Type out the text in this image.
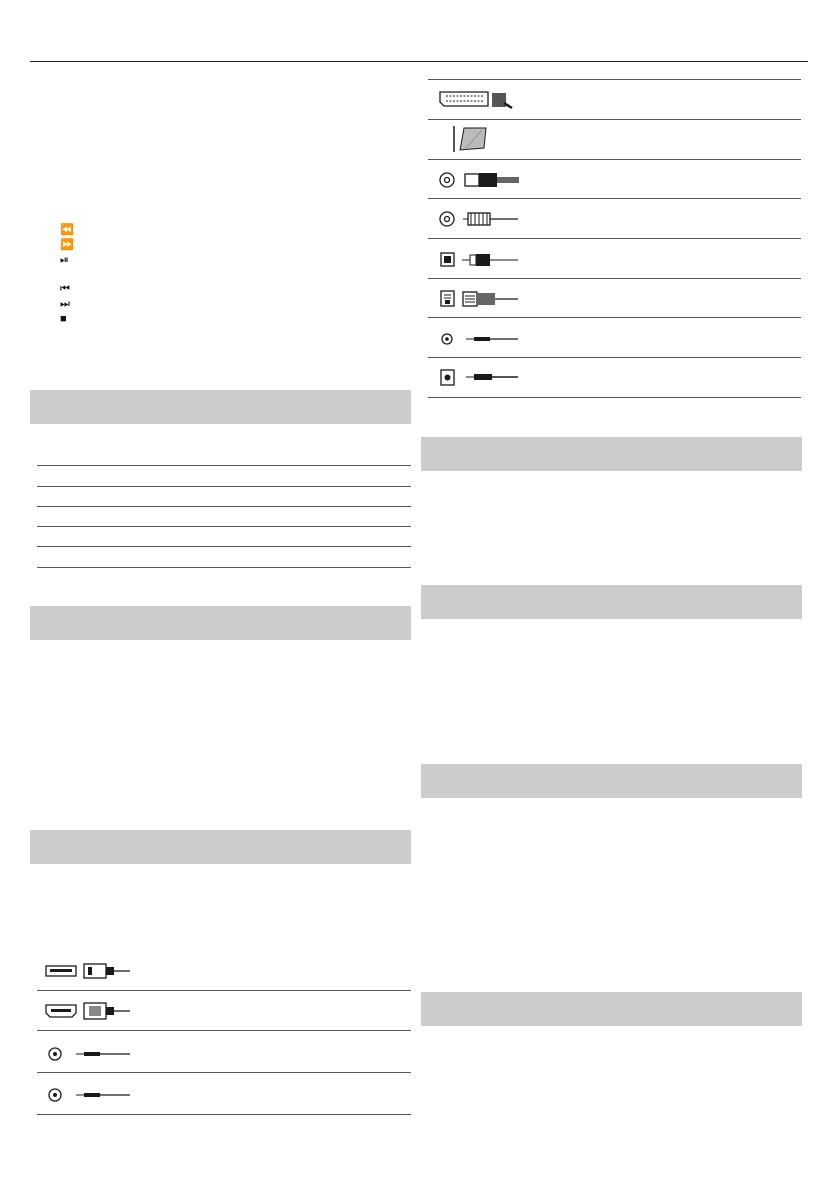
⏪
⏩
⏯
⏮
⏭
■
